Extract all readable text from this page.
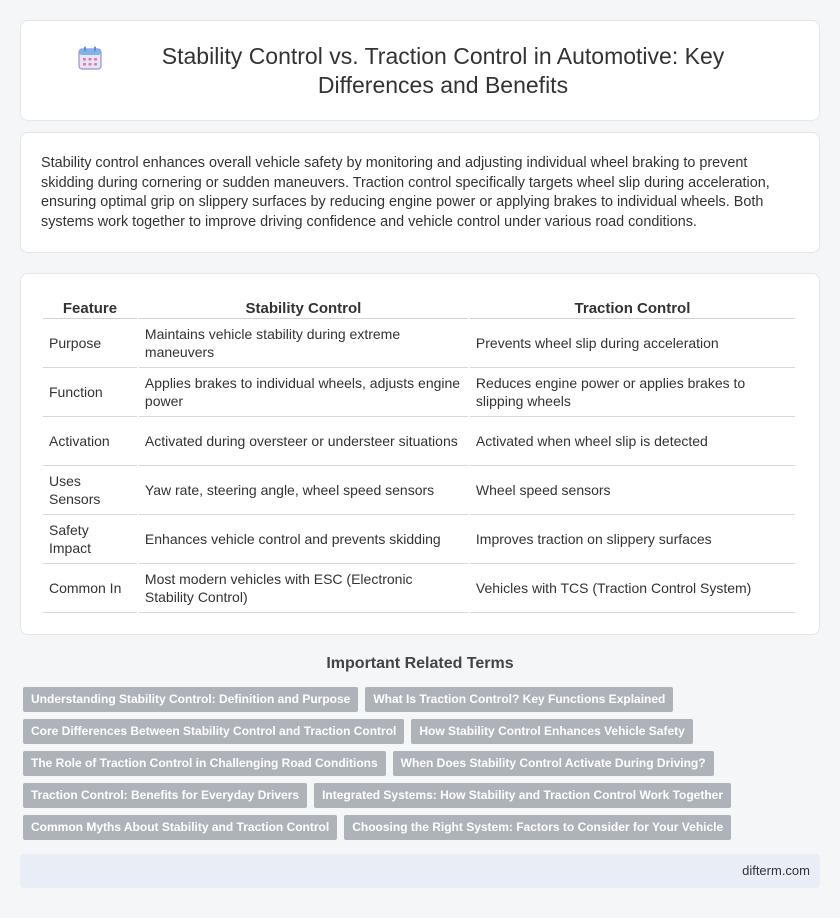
Stability Control vs. Traction Control in Automotive: Key Differences and Benefits

Stability control enhances overall vehicle safety by monitoring and adjusting individual wheel braking to prevent skidding during cornering or sudden maneuvers. Traction control specifically targets wheel slip during acceleration, ensuring optimal grip on slippery surfaces by reducing engine power or applying brakes to individual wheels. Both systems work together to improve driving confidence and vehicle control under various road conditions.

Feature	Stability Control	Traction Control
Purpose	Maintains vehicle stability during extreme maneuvers	Prevents wheel slip during acceleration
Function	Applies brakes to individual wheels, adjusts engine power	Reduces engine power or applies brakes to slipping wheels
Activation	Activated during oversteer or understeer situations	Activated when wheel slip is detected
Uses Sensors	Yaw rate, steering angle, wheel speed sensors	Wheel speed sensors
Safety Impact	Enhances vehicle control and prevents skidding	Improves traction on slippery surfaces
Common In	Most modern vehicles with ESC (Electronic Stability Control)	Vehicles with TCS (Traction Control System)
Important Related Terms
Understanding Stability Control: Definition and Purpose	What Is Traction Control? Key Functions Explained
Core Differences Between Stability Control and Traction Control	How Stability Control Enhances Vehicle Safety
The Role of Traction Control in Challenging Road Conditions	When Does Stability Control Activate During Driving?
Traction Control: Benefits for Everyday Drivers	Integrated Systems: How Stability and Traction Control Work Together
Common Myths About Stability and Traction Control	Choosing the Right System: Factors to Consider for Your Vehicle
difterm.com
